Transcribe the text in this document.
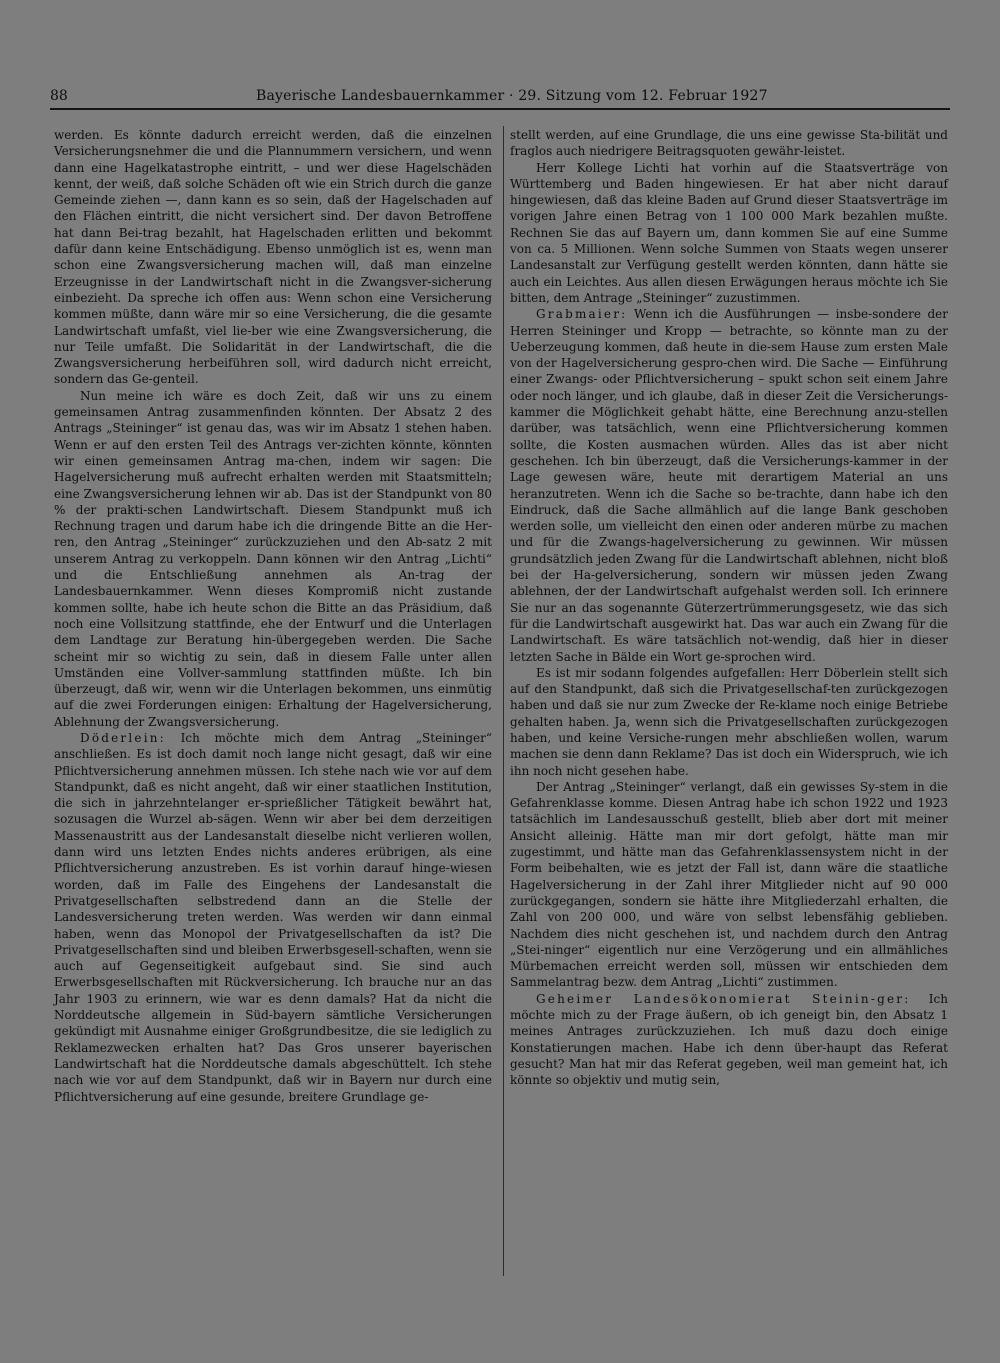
88	Bayerische Landesbauernkammer · 29. Sitzung vom 12. Februar 1927

werden. Es könnte dadurch erreicht werden, daß die einzelnen Versicherungsnehmer die und die Plannummern versichern, und wenn dann eine Hagelkatastrophe eintritt, – und wer diese Hagelschäden kennt, der weiß, daß solche Schäden oft wie ein Strich durch die ganze Gemeinde ziehen —, dann kann es so sein, daß der Hagelschaden auf den Flächen eintritt, die nicht versichert sind. Der davon Betroffene hat dann Bei-trag bezahlt, hat Hagelschaden erlitten und bekommt dafür dann keine Entschädigung. Ebenso unmöglich ist es, wenn man schon eine Zwangsversicherung machen will, daß man einzelne Erzeugnisse in der Landwirtschaft nicht in die Zwangsver-sicherung einbezieht. Da spreche ich offen aus: Wenn schon eine Versicherung kommen müßte, dann wäre mir so eine Versicherung, die die gesamte Landwirtschaft umfaßt, viel lie-ber wie eine Zwangsversicherung, die nur Teile umfaßt. Die Solidarität in der Landwirtschaft, die die Zwangsversicherung herbeiführen soll, wird dadurch nicht erreicht, sondern das Ge-genteil.

Nun meine ich wäre es doch Zeit, daß wir uns zu einem gemeinsamen Antrag zusammenfinden könnten. Der Absatz 2 des Antrags „Steininger“ ist genau das, was wir im Absatz 1 stehen haben. Wenn er auf den ersten Teil des Antrags ver-zichten könnte, könnten wir einen gemeinsamen Antrag ma-chen, indem wir sagen: Die Hagelversicherung muß aufrecht erhalten werden mit Staatsmitteln; eine Zwangsversicherung lehnen wir ab. Das ist der Standpunkt von 80 % der prakti-schen Landwirtschaft. Diesem Standpunkt muß ich Rechnung tragen und darum habe ich die dringende Bitte an die Her-ren, den Antrag „Steininger“ zurückzuziehen und den Ab-satz 2 mit unserem Antrag zu verkoppeln. Dann können wir den Antrag „Lichti“ und die Entschließung annehmen als An-trag der Landesbauernkammer. Wenn dieses Kompromiß nicht zustande kommen sollte, habe ich heute schon die Bitte an das Präsidium, daß noch eine Vollsitzung stattfinde, ehe der Entwurf und die Unterlagen dem Landtage zur Beratung hin-übergegeben werden. Die Sache scheint mir so wichtig zu sein, daß in diesem Falle unter allen Umständen eine Vollver-sammlung stattfinden müßte. Ich bin überzeugt, daß wir, wenn wir die Unterlagen bekommen, uns einmütig auf die zwei Forderungen einigen: Erhaltung der Hagelversicherung, Ablehnung der Zwangsversicherung.

Döderlein: Ich möchte mich dem Antrag „Steininger“ anschließen. Es ist doch damit noch lange nicht gesagt, daß wir eine Pflichtversicherung annehmen müssen. Ich stehe nach wie vor auf dem Standpunkt, daß es nicht angeht, daß wir einer staatlichen Institution, die sich in jahrzehntelanger er-sprießlicher Tätigkeit bewährt hat, sozusagen die Wurzel ab-sägen. Wenn wir aber bei dem derzeitigen Massenaustritt aus der Landesanstalt dieselbe nicht verlieren wollen, dann wird uns letzten Endes nichts anderes erübrigen, als eine Pflichtversicherung anzustreben. Es ist vorhin darauf hinge-wiesen worden, daß im Falle des Eingehens der Landesanstalt die Privatgesellschaften selbstredend dann an die Stelle der Landesversicherung treten werden. Was werden wir dann einmal haben, wenn das Monopol der Privatgesellschaften da ist? Die Privatgesellschaften sind und bleiben Erwerbsgesell-schaften, wenn sie auch auf Gegenseitigkeit aufgebaut sind. Sie sind auch Erwerbsgesellschaften mit Rückversicherung. Ich brauche nur an das Jahr 1903 zu erinnern, wie war es denn damals? Hat da nicht die Norddeutsche allgemein in Süd-bayern sämtliche Versicherungen gekündigt mit Ausnahme einiger Großgrundbesitze, die sie lediglich zu Reklamezwecken erhalten hat? Das Gros unserer bayerischen Landwirtschaft hat die Norddeutsche damals abgeschüttelt. Ich stehe nach wie vor auf dem Standpunkt, daß wir in Bayern nur durch eine Pflichtversicherung auf eine gesunde, breitere Grundlage ge-

stellt werden, auf eine Grundlage, die uns eine gewisse Sta-bilität und fraglos auch niedrigere Beitragsquoten gewähr-leistet.

Herr Kollege Lichti hat vorhin auf die Staatsverträge von Württemberg und Baden hingewiesen. Er hat aber nicht darauf hingewiesen, daß das kleine Baden auf Grund dieser Staatsverträge im vorigen Jahre einen Betrag von 1 100 000 Mark bezahlen mußte. Rechnen Sie das auf Bayern um, dann kommen Sie auf eine Summe von ca. 5 Millionen. Wenn solche Summen von Staats wegen unserer Landesanstalt zur Verfügung gestellt werden könnten, dann hätte sie auch ein Leichtes. Aus allen diesen Erwägungen heraus möchte ich Sie bitten, dem Antrage „Steininger“ zuzustimmen.

Grabmaier: Wenn ich die Ausführungen — insbe-sondere der Herren Steininger und Kropp — betrachte, so könnte man zu der Ueberzeugung kommen, daß heute in die-sem Hause zum ersten Male von der Hagelversicherung gespro-chen wird. Die Sache — Einführung einer Zwangs- oder Pflichtversicherung – spukt schon seit einem Jahre oder noch länger, und ich glaube, daß in dieser Zeit die Versicherungs-kammer die Möglichkeit gehabt hätte, eine Berechnung anzu-stellen darüber, was tatsächlich, wenn eine Pflichtversicherung kommen sollte, die Kosten ausmachen würden. Alles das ist aber nicht geschehen. Ich bin überzeugt, daß die Versicherungs-kammer in der Lage gewesen wäre, heute mit derartigem Material an uns heranzutreten. Wenn ich die Sache so be-trachte, dann habe ich den Eindruck, daß die Sache allmählich auf die lange Bank geschoben werden solle, um vielleicht den einen oder anderen mürbe zu machen und für die Zwangs-hagelversicherung zu gewinnen. Wir müssen grundsätzlich jeden Zwang für die Landwirtschaft ablehnen, nicht bloß bei der Ha-gelversicherung, sondern wir müssen jeden Zwang ablehnen, der der Landwirtschaft aufgehalst werden soll. Ich erinnere Sie nur an das sogenannte Güterzertrümmerungsgesetz, wie das sich für die Landwirtschaft ausgewirkt hat. Das war auch ein Zwang für die Landwirtschaft. Es wäre tatsächlich not-wendig, daß hier in dieser letzten Sache in Bälde ein Wort ge-sprochen wird.

Es ist mir sodann folgendes aufgefallen: Herr Döberlein stellt sich auf den Standpunkt, daß sich die Privatgesellschaf-ten zurückgezogen haben und daß sie nur zum Zwecke der Re-klame noch einige Betriebe gehalten haben. Ja, wenn sich die Privatgesellschaften zurückgezogen haben, und keine Versiche-rungen mehr abschließen wollen, warum machen sie denn dann Reklame? Das ist doch ein Widerspruch, wie ich ihn noch nicht gesehen habe.

Der Antrag „Steininger“ verlangt, daß ein gewisses Sy-stem in die Gefahrenklasse komme. Diesen Antrag habe ich schon 1922 und 1923 tatsächlich im Landesausschuß gestellt, blieb aber dort mit meiner Ansicht alleinig. Hätte man mir dort gefolgt, hätte man mir zugestimmt, und hätte man das Gefahrenklassensystem nicht in der Form beibehalten, wie es jetzt der Fall ist, dann wäre die staatliche Hagelversicherung in der Zahl ihrer Mitglieder nicht auf 90 000 zurückgegangen, sondern sie hätte ihre Mitgliederzahl erhalten, die Zahl von 200 000, und wäre von selbst lebensfähig geblieben. Nachdem dies nicht geschehen ist, und nachdem durch den Antrag „Stei-ninger“ eigentlich nur eine Verzögerung und ein allmähliches Mürbemachen erreicht werden soll, müssen wir entschieden dem Sammelantrag bezw. dem Antrag „Lichti“ zustimmen.

Geheimer Landesökonomierat Steinin-ger: Ich möchte mich zu der Frage äußern, ob ich geneigt bin, den Absatz 1 meines Antrages zurückzuziehen. Ich muß dazu doch einige Konstatierungen machen. Habe ich denn über-haupt das Referat gesucht? Man hat mir das Referat gegeben, weil man gemeint hat, ich könnte so objektiv und mutig sein,
